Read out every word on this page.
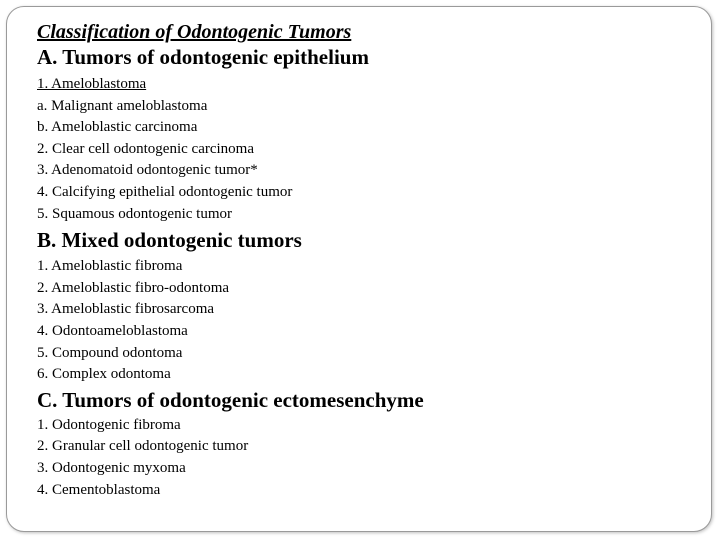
Classification of Odontogenic Tumors
A. Tumors of odontogenic epithelium
1. Ameloblastoma
a. Malignant ameloblastoma
b. Ameloblastic carcinoma
2. Clear cell odontogenic carcinoma
3. Adenomatoid odontogenic tumor*
4. Calcifying epithelial odontogenic tumor
5. Squamous odontogenic tumor
B. Mixed odontogenic tumors
1. Ameloblastic fibroma
2. Ameloblastic fibro-odontoma
3. Ameloblastic fibrosarcoma
4. Odontoameloblastoma
5. Compound odontoma
6. Complex odontoma
C. Tumors of odontogenic ectomesenchyme
1. Odontogenic fibroma
2. Granular cell odontogenic tumor
3. Odontogenic myxoma
4. Cementoblastoma
